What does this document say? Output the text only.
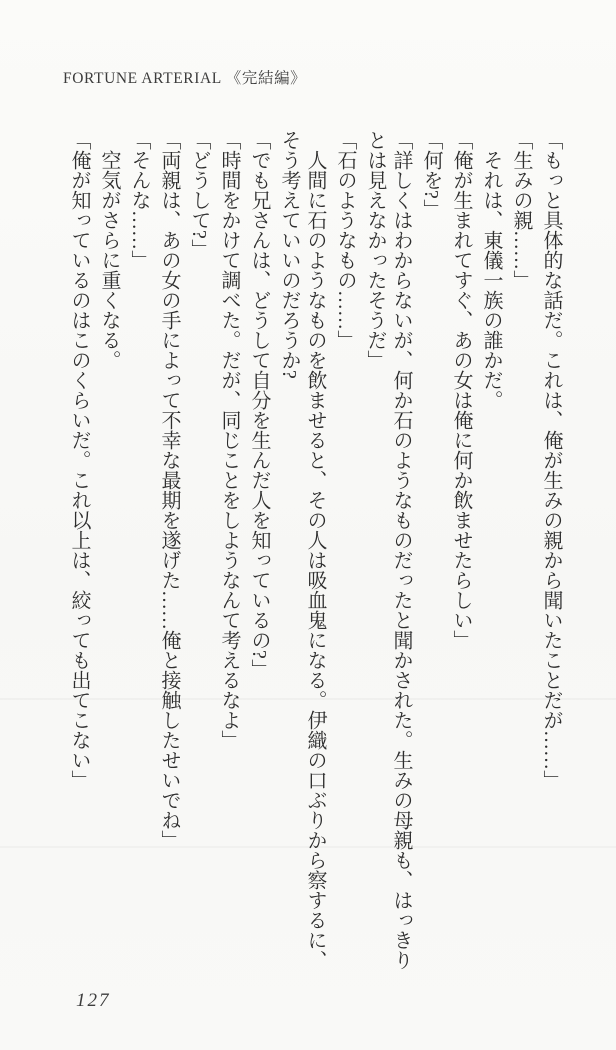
FORTUNE ARTERIAL 《完結編》

「もっと具体的な話だ。これは、俺が生みの親から聞いたことだが……」

「生みの親……」

それは、東儀一族の誰かだ。

「俺が生まれてすぐ、あの女は俺に何か飲ませたらしい」

「何を?」

「詳しくはわからないが、何か石のようなものだったと聞かされた。生みの母親も、はっきりとは見えなかったそうだ」

「石のようなもの……」

人間に石のようなものを飲ませると、その人は吸血鬼になる。伊織の口ぶりから察するに、そう考えていいのだろうか?

「でも兄さんは、どうして自分を生んだ人を知っているの?」

「時間をかけて調べた。だが、同じことをしようなんて考えるなよ」

「どうして?」

「両親は、あの女の手によって不幸な最期を遂げた……俺と接触したせいでね」

「そんな……」

空気がさらに重くなる。

「俺が知っているのはこのくらいだ。これ以上は、絞っても出てこない」

127
